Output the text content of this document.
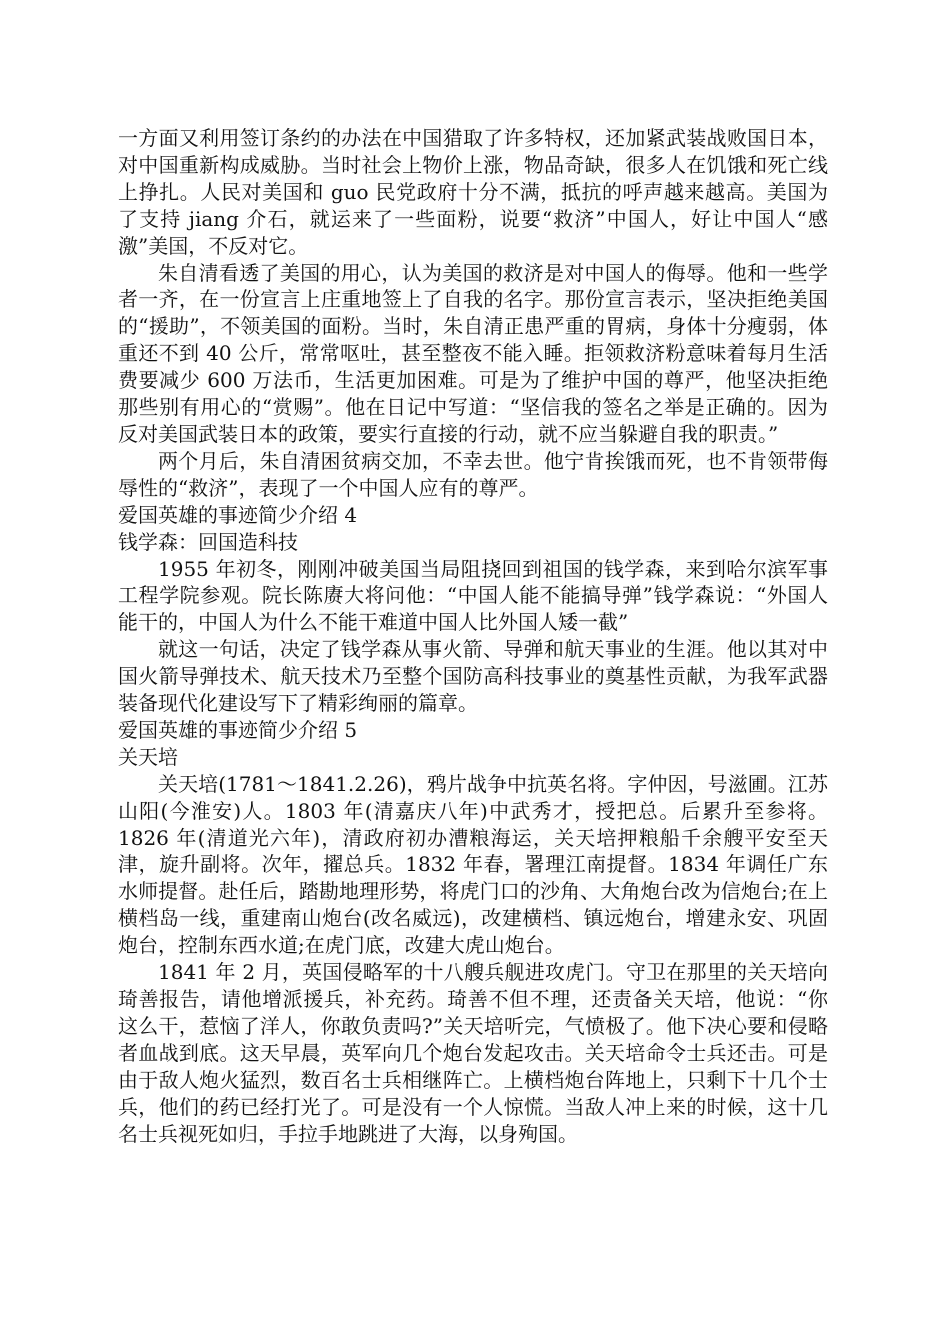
一方面又利用签订条约的办法在中国猎取了许多特权，还加紧武装战败国日本，对中国重新构成威胁。当时社会上物价上涨，物品奇缺，很多人在饥饿和死亡线上挣扎。人民对美国和 guo 民党政府十分不满，抵抗的呼声越来越高。美国为了支持 jiang 介石，就运来了一些面粉，说要“救济”中国人，好让中国人“感激”美国，不反对它。

朱自清看透了美国的用心，认为美国的救济是对中国人的侮辱。他和一些学者一齐，在一份宣言上庄重地签上了自我的名字。那份宣言表示，坚决拒绝美国的“援助”，不领美国的面粉。当时，朱自清正患严重的胃病，身体十分瘦弱，体重还不到 40 公斤，常常呕吐，甚至整夜不能入睡。拒领救济粉意味着每月生活费要减少 600 万法币，生活更加困难。可是为了维护中国的尊严，他坚决拒绝那些别有用心的“赏赐”。他在日记中写道：“坚信我的签名之举是正确的。因为反对美国武装日本的政策，要实行直接的行动，就不应当躲避自我的职责。”

两个月后，朱自清困贫病交加，不幸去世。他宁肯挨饿而死，也不肯领带侮辱性的“救济”，表现了一个中国人应有的尊严。

爱国英雄的事迹简少介绍 4

钱学森：回国造科技

1955 年初冬，刚刚冲破美国当局阻挠回到祖国的钱学森，来到哈尔滨军事工程学院参观。院长陈赓大将问他：“中国人能不能搞导弹”钱学森说：“外国人能干的，中国人为什么不能干难道中国人比外国人矮一截”

就这一句话，决定了钱学森从事火箭、导弹和航天事业的生涯。他以其对中国火箭导弹技术、航天技术乃至整个国防高科技事业的奠基性贡献，为我军武器装备现代化建设写下了精彩绚丽的篇章。

爱国英雄的事迹简少介绍 5

关天培

关天培(1781～1841.2.26)，鸦片战争中抗英名将。字仲因，号滋圃。江苏山阳(今淮安)人。1803 年(清嘉庆八年)中武秀才，授把总。后累升至参将。1826 年(清道光六年)，清政府初办漕粮海运，关天培押粮船千余艘平安至天津，旋升副将。次年，擢总兵。1832 年春，署理江南提督。1834 年调任广东水师提督。赴任后，踏勘地理形势，将虎门口的沙角、大角炮台改为信炮台;在上横档岛一线，重建南山炮台(改名威远)，改建横档、镇远炮台，增建永安、巩固炮台，控制东西水道;在虎门底，改建大虎山炮台。

1841 年 2 月，英国侵略军的十八艘兵舰进攻虎门。守卫在那里的关天培向琦善报告，请他增派援兵，补充药。琦善不但不理，还责备关天培，他说：“你这么干，惹恼了洋人，你敢负责吗?”关天培听完，气愤极了。他下决心要和侵略者血战到底。这天早晨，英军向几个炮台发起攻击。关天培命令士兵还击。可是由于敌人炮火猛烈，数百名士兵相继阵亡。上横档炮台阵地上，只剩下十几个士兵，他们的药已经打光了。可是没有一个人惊慌。当敌人冲上来的时候，这十几名士兵视死如归，手拉手地跳进了大海，以身殉国。
